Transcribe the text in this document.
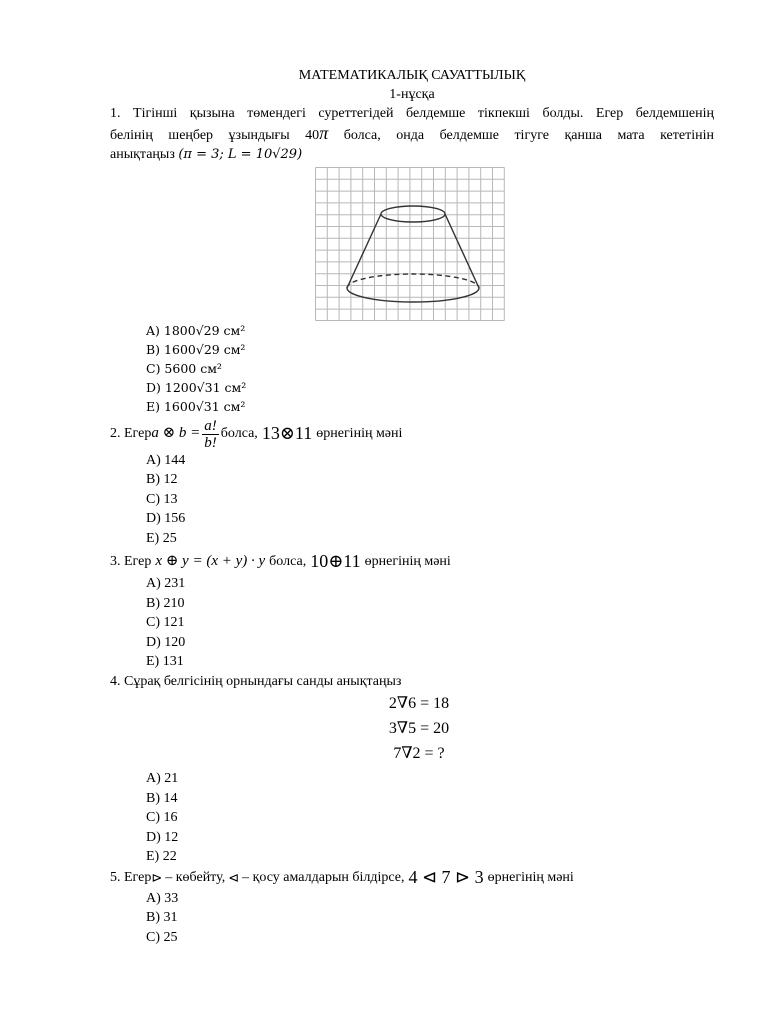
МАТЕМАТИКАЛЫҚ САУАТТЫЛЫҚ

1-нұсқа

1. Тігінші қызына төмендегі суреттегідей белдемше тікпекші болды. Егер белдемшенің

белінің шеңбер ұзындығы 40π болса, онда белдемше тігуге қанша мата кететінін

анықтаңыз (π = 3; L = 10√29)

A) 1800√29 см²
B) 1600√29 см²
C) 5600 см²
D) 1200√31 см²
E) 1600√31 см²
2. Егер a ⊗ $b = \frac{a!}{b!}$ болса, 13⊗11 өрнегінің мәні
A) 144
B) 12
C) 13
D) 156
E) 25
3. Егер x ⊕ y = (x + y) · y болса, 10⊕11 өрнегінің мәні
A) 231
B) 210
C) 121
D) 120
E) 131

4. Сұрақ белгісінің орнындағы санды анықтаңыз

2∇6 = 18
3∇5 = 20
7∇2 = ?
A) 21
B) 14
C) 16
D) 12
E) 22
5. Егер ⊳ – көбейту, ⊲ – қосу амалдарын білдірсе, 4 ⊲ 7 ⊳ 3 өрнегінің мәні
A) 33
B) 31
C) 25
